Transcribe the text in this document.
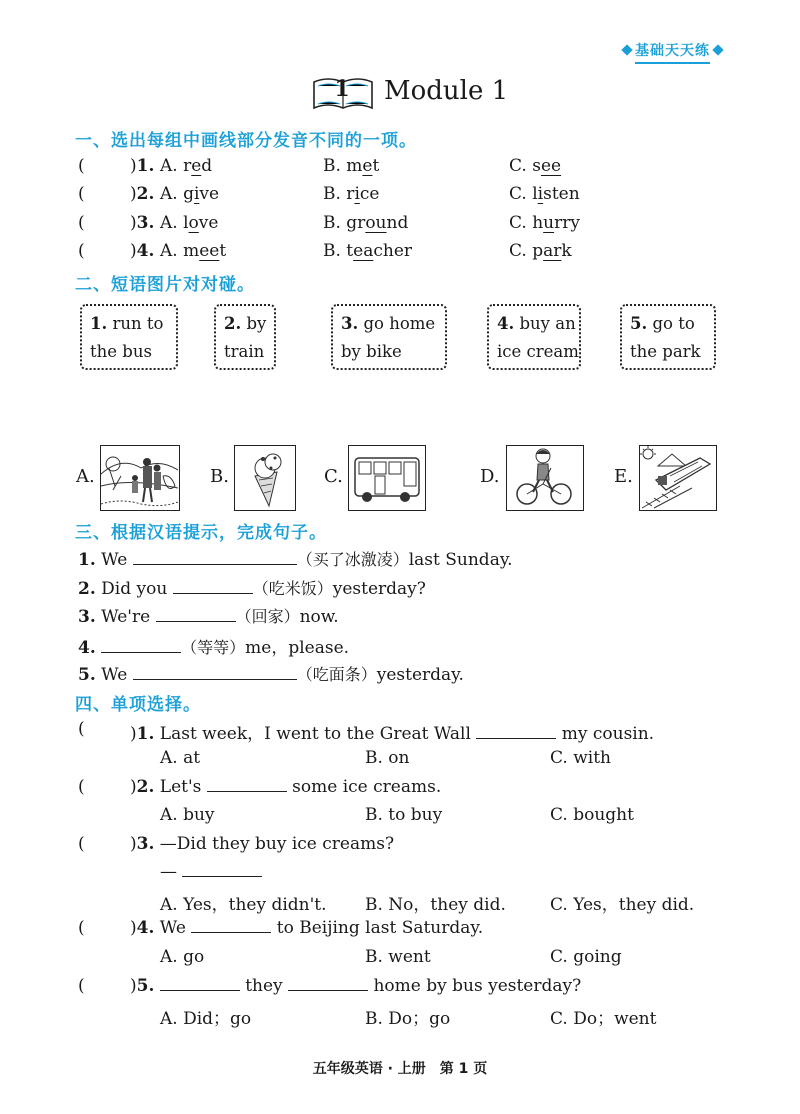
基础天天练
1	Module 1
一、选出每组中画线部分发音不同的一项。
(	)1. A. red	B. met	C. see
(	)2. A. give	B. rice	C. listen
(	)3. A. love	B. ground	C. hurry
(	)4. A. meet	B. teacher	C. park
二、短语图片对对碰。
1. run to
the bus
2. by
train
3. go home
by bike
4. buy an
ice cream
5. go to
the park
A.	B.	C.	D.	E.
三、根据汉语提示，完成句子。
1. We	（买了冰激凌）last Sunday.
2. Did you	（吃米饭）yesterday?
3. We're	（回家）now.
4.	（等等）me，please.
5. We	（吃面条）yesterday.
四、单项选择。
(	)1. Last week，I went to the Great Wall	my cousin.
A. at	B. on	C. with
(	)2. Let's	some ice creams.
A. buy	B. to buy	C. bought
(	)3. —Did they buy ice creams?
—
A. Yes，they didn't. B. No，they did.	C. Yes，they did.
(	)4. We	to Beijing last Saturday.
A. go	B. went	C. going
(	)5.	they	home by bus yesterday?
A. Did；go	B. Do；go	C. Do；went
五年级英语 · 上册　第 1 页
